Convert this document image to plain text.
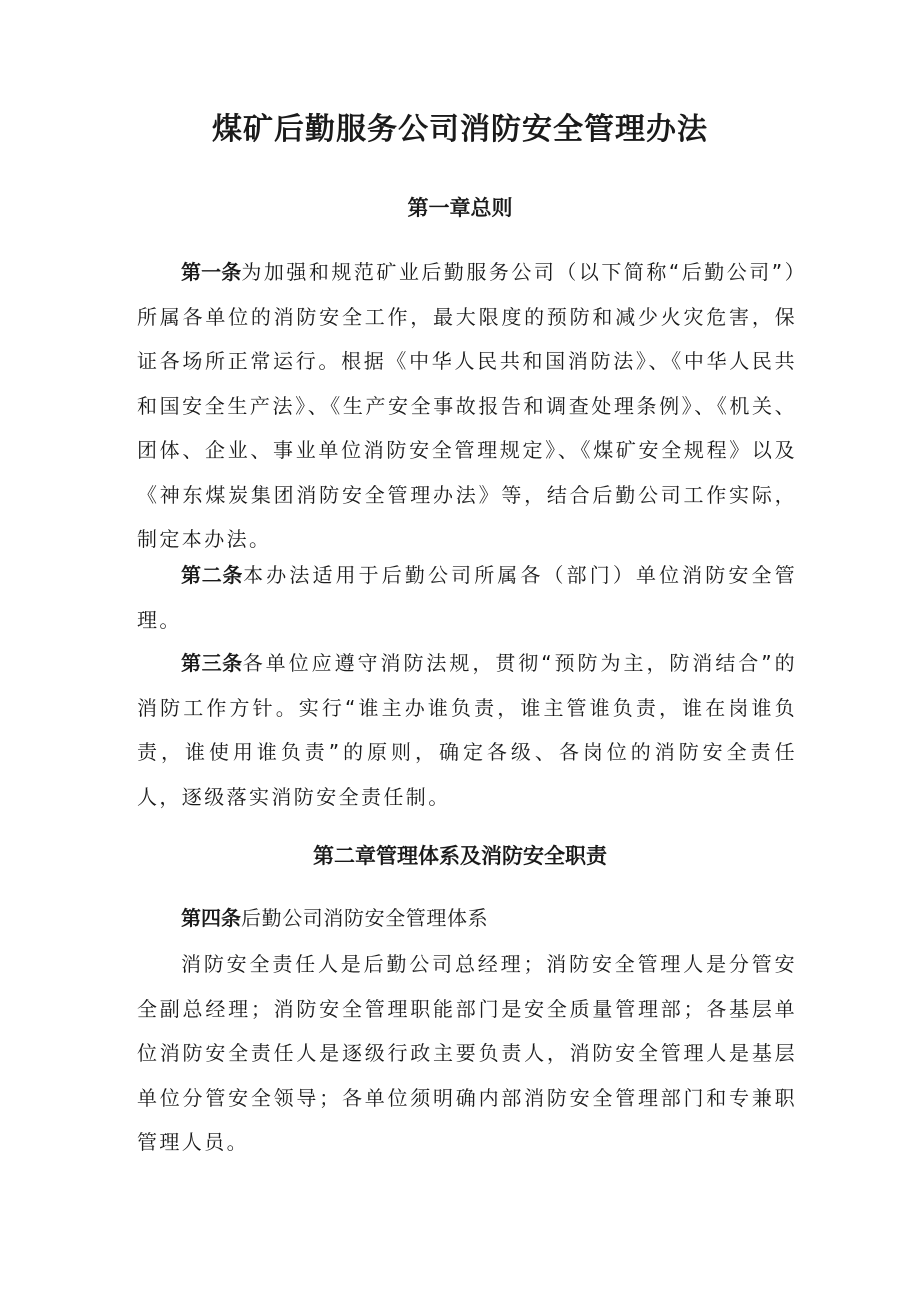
煤矿后勤服务公司消防安全管理办法
第一章总则

第一条为加强和规范矿业后勤服务公司（以下简称“后勤公司”）所属各单位的消防安全工作，最大限度的预防和减少火灾危害，保证各场所正常运行。根据《中华人民共和国消防法》、《中华人民共和国安全生产法》、《生产安全事故报告和调查处理条例》、《机关、团体、企业、事业单位消防安全管理规定》、《煤矿安全规程》以及《神东煤炭集团消防安全管理办法》等，结合后勤公司工作实际，制定本办法。

第二条本办法适用于后勤公司所属各（部门）单位消防安全管理。

第三条各单位应遵守消防法规，贯彻“预防为主，防消结合”的消防工作方针。实行“谁主办谁负责，谁主管谁负责，谁在岗谁负责，谁使用谁负责”的原则，确定各级、各岗位的消防安全责任人，逐级落实消防安全责任制。

第二章管理体系及消防安全职责

第四条后勤公司消防安全管理体系

消防安全责任人是后勤公司总经理；消防安全管理人是分管安全副总经理；消防安全管理职能部门是安全质量管理部；各基层单位消防安全责任人是逐级行政主要负责人，消防安全管理人是基层单位分管安全领导；各单位须明确内部消防安全管理部门和专兼职管理人员。
